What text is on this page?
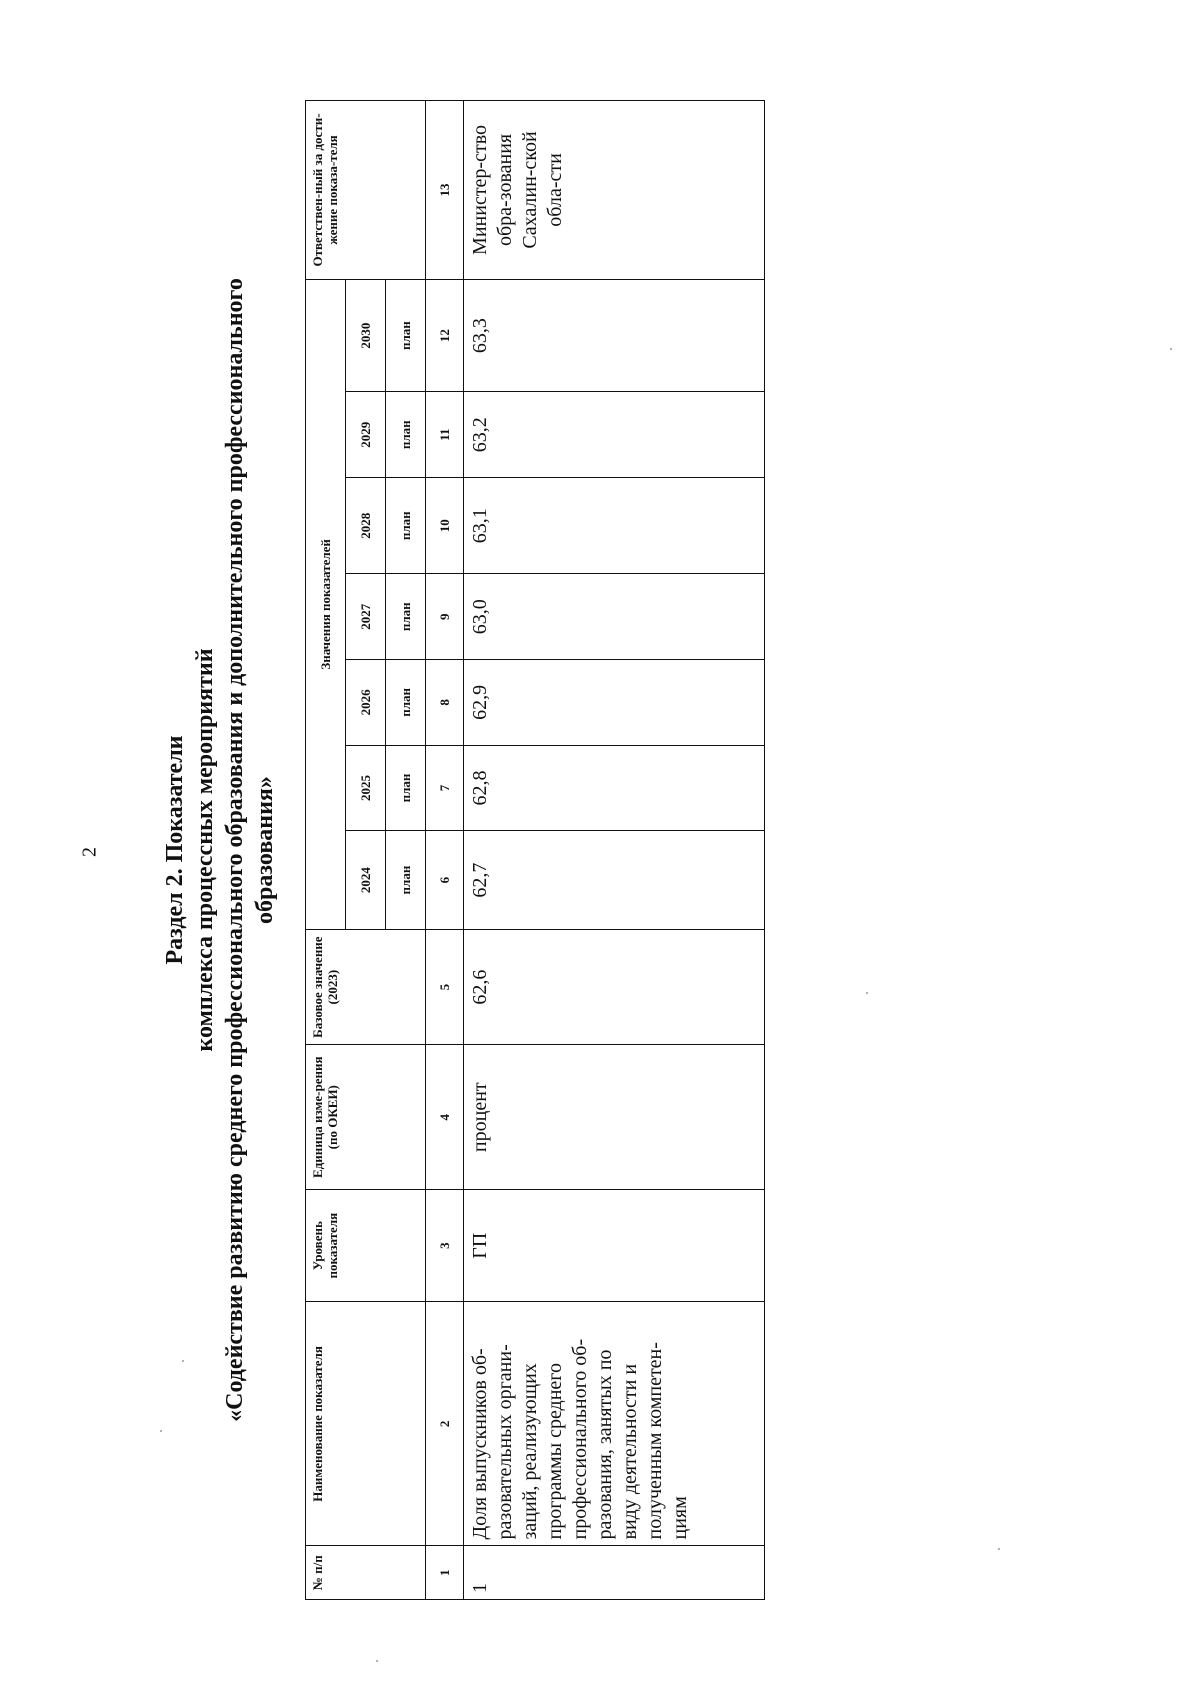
2	Раздел 2. Показатели комплекса процессных мероприятий «Содействие развитию среднего профессионального образования и дополнительного профессионального образования»
№ п/п	Наименование показателя	Уровень показателя	Единица изме-рения (по ОКЕИ)	Базовое значение (2023)	Значения показателей							Ответствен-ный за дости-жение показа-теля
					2024	2025	2026	2027	2028	2029	2030	
					план	план	план	план	план	план	план	
1	2	3	4	5	6	7	8	9	10	11	12	13
1	Доля выпускников об-разовательных органи-заций, реализующих программы среднего профессионального об-разования, занятых по виду деятельности и полученным компетен-циям	ГП	процент	62,6	62,7	62,8	62,9	63,0	63,1	63,2	63,3	Министер-ство обра-зования Сахалин-ской обла-сти
